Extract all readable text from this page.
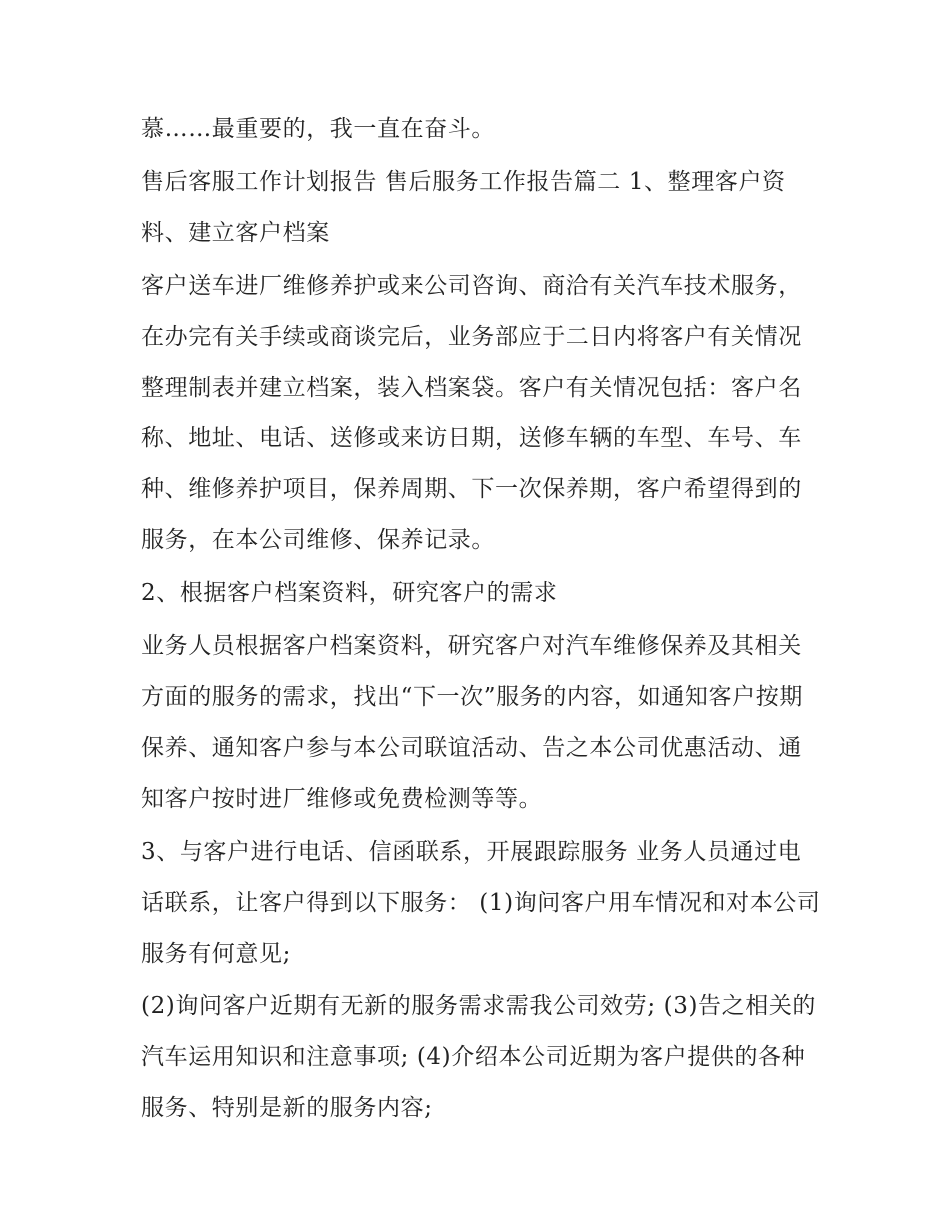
慕……最重要的，我一直在奋斗。

售后客服工作计划报告 售后服务工作报告篇二 1、整理客户资料、建立客户档案

客户送车进厂维修养护或来公司咨询、商洽有关汽车技术服务，在办完有关手续或商谈完后，业务部应于二日内将客户有关情况整理制表并建立档案，装入档案袋。客户有关情况包括：客户名称、地址、电话、送修或来访日期，送修车辆的车型、车号、车种、维修养护项目，保养周期、下一次保养期，客户希望得到的服务，在本公司维修、保养记录。

2、根据客户档案资料，研究客户的需求

业务人员根据客户档案资料，研究客户对汽车维修保养及其相关方面的服务的需求，找出“下一次”服务的内容，如通知客户按期保养、通知客户参与本公司联谊活动、告之本公司优惠活动、通知客户按时进厂维修或免费检测等等。

3、与客户进行电话、信函联系，开展跟踪服务 业务人员通过电话联系，让客户得到以下服务： (1)询问客户用车情况和对本公司服务有何意见;

(2)询问客户近期有无新的服务需求需我公司效劳; (3)告之相关的汽车运用知识和注意事项; (4)介绍本公司近期为客户提供的各种服务、特别是新的服务内容;
